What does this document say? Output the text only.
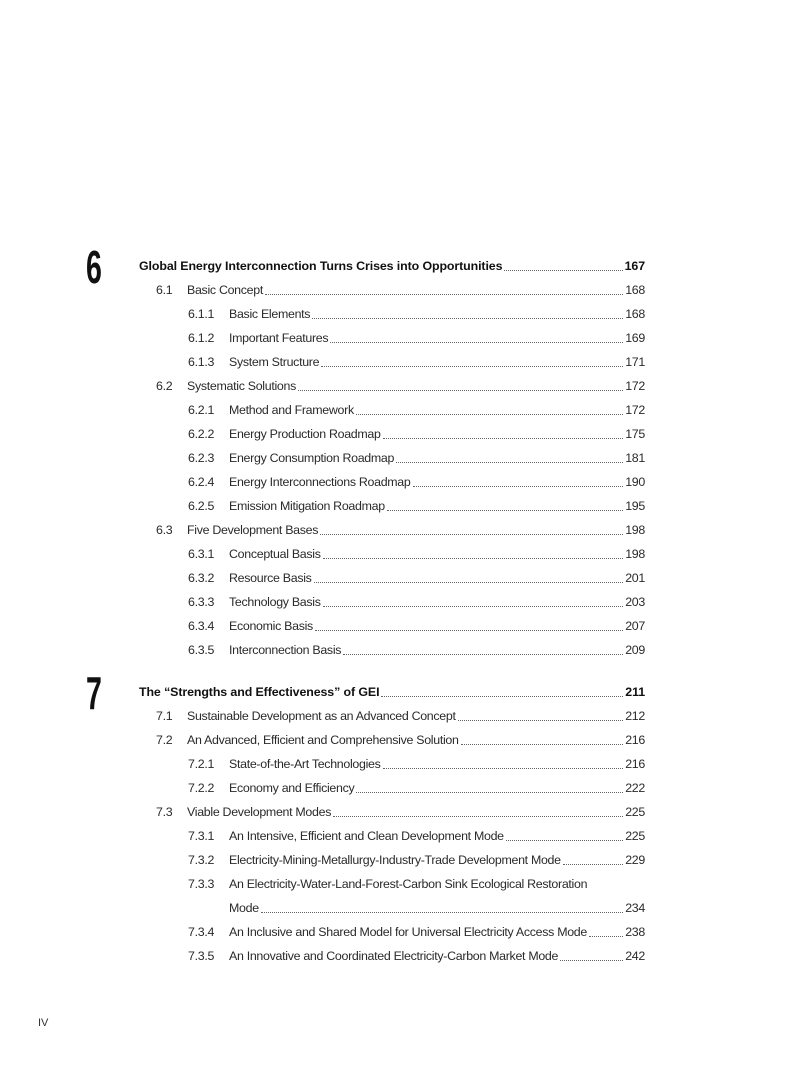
6	Global Energy Interconnection Turns Crises into Opportunities	167
6.1	Basic Concept	168
6.1.1	Basic Elements	168
6.1.2	Important Features	169
6.1.3	System Structure	171
6.2	Systematic Solutions	172
6.2.1	Method and Framework	172
6.2.2	Energy Production Roadmap	175
6.2.3	Energy Consumption Roadmap	181
6.2.4	Energy Interconnections Roadmap	190
6.2.5	Emission Mitigation Roadmap	195
6.3	Five Development Bases	198
6.3.1	Conceptual Basis	198
6.3.2	Resource Basis	201
6.3.3	Technology Basis	203
6.3.4	Economic Basis	207
6.3.5	Interconnection Basis	209
7	The “Strengths and Effectiveness” of GEI	211
7.1	Sustainable Development as an Advanced Concept	212
7.2	An Advanced, Efficient and Comprehensive Solution	216
7.2.1	State-of-the-Art Technologies	216
7.2.2	Economy and Efficiency	222
7.3	Viable Development Modes	225
7.3.1	An Intensive, Efficient and Clean Development Mode	225
7.3.2	Electricity-Mining-Metallurgy-Industry-Trade Development Mode	229
7.3.3	An Electricity-Water-Land-Forest-Carbon Sink Ecological Restoration
Mode	234
7.3.4	An Inclusive and Shared Model for Universal Electricity Access Mode	238
7.3.5	An Innovative and Coordinated Electricity-Carbon Market Mode	242
IV
